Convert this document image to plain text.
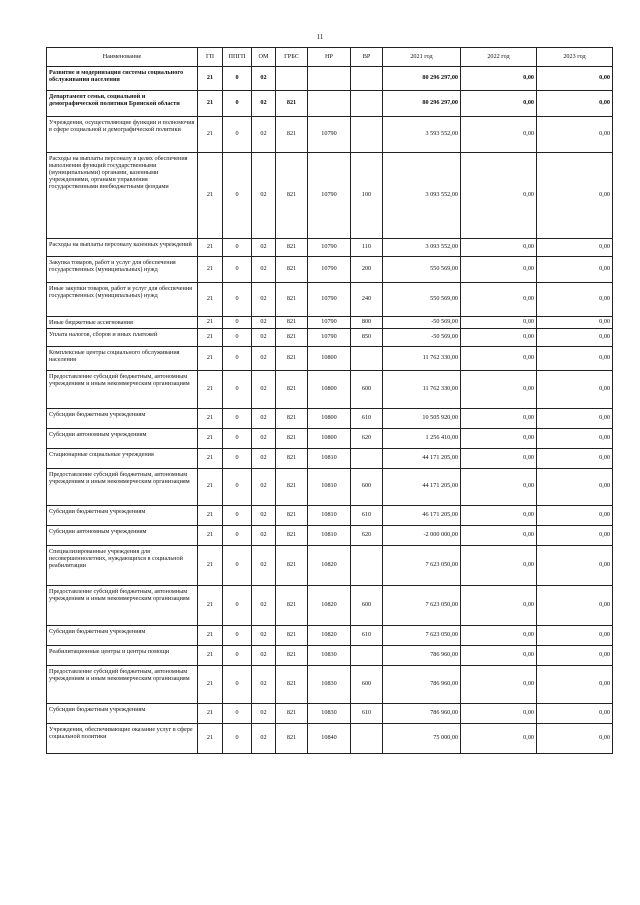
11
Наименование	ГП	ППГП	ОМ	ГРБС	НР	ВР	2021 год	2022 год	2023 год
Развитие и модернизация системы социального обслуживания населения	21	0	02				80 296 297,00	0,00	0,00
Департамент семьи, социальной и демографической политики Брянской области	21	0	02	821			80 296 297,00	0,00	0,00
Учреждения, осуществляющие функции и полномочия в сфере социальной и демографической политики	21	0	02	821	10790		3 593 552,00	0,00	0,00
Расходы на выплаты персоналу в целях обеспечения выполнения функций государственными (муниципальными) органами, казенными учреждениями, органами управления государственными внебюджетными фондами	21	0	02	821	10790	100	3 093 552,00	0,00	0,00
Расходы на выплаты персоналу казенных учреждений	21	0	02	821	10790	110	3 093 552,00	0,00	0,00
Закупка товаров, работ и услуг для обеспечения государственных (муниципальных) нужд	21	0	02	821	10790	200	550 569,00	0,00	0,00
Иные закупки товаров, работ и услуг для обеспечения государственных (муниципальных) нужд	21	0	02	821	10790	240	550 569,00	0,00	0,00
Иные бюджетные ассигнования	21	0	02	821	10790	800	-50 569,00	0,00	0,00
Уплата налогов, сборов и иных платежей	21	0	02	821	10790	850	-50 569,00	0,00	0,00
Комплексные центры социального обслуживания населения	21	0	02	821	10800		11 762 330,00	0,00	0,00
Предоставление субсидий бюджетным, автономным учреждениям и иным некоммерческим организациям	21	0	02	821	10800	600	11 762 330,00	0,00	0,00
Субсидии бюджетным учреждениям	21	0	02	821	10800	610	10 505 920,00	0,00	0,00
Субсидии автономным учреждениям	21	0	02	821	10800	620	1 256 410,00	0,00	0,00
Стационарные социальные учреждения	21	0	02	821	10810		44 171 205,00	0,00	0,00
Предоставление субсидий бюджетным, автономным учреждениям и иным некоммерческим организациям	21	0	02	821	10810	600	44 171 205,00	0,00	0,00
Субсидии бюджетным учреждениям	21	0	02	821	10810	610	46 171 205,00	0,00	0,00
Субсидии автономным учреждениям	21	0	02	821	10810	620	-2 000 000,00	0,00	0,00
Специализированные учреждения для несовершеннолетних, нуждающихся в социальной реабилитации	21	0	02	821	10820		7 623 050,00	0,00	0,00
Предоставление субсидий бюджетным, автономным учреждениям и иным некоммерческим организациям	21	0	02	821	10820	600	7 623 050,00	0,00	0,00
Субсидии бюджетным учреждениям	21	0	02	821	10820	610	7 623 050,00	0,00	0,00
Реабилитационные центры и центры помощи	21	0	02	821	10830		786 960,00	0,00	0,00
Предоставление субсидий бюджетным, автономным учреждениям и иным некоммерческим организациям	21	0	02	821	10830	600	786 960,00	0,00	0,00
Субсидии бюджетным учреждениям	21	0	02	821	10830	610	786 960,00	0,00	0,00
Учреждения, обеспечивающие оказание услуг в сфере социальной политики	21	0	02	821	10840		75 000,00	0,00	0,00
